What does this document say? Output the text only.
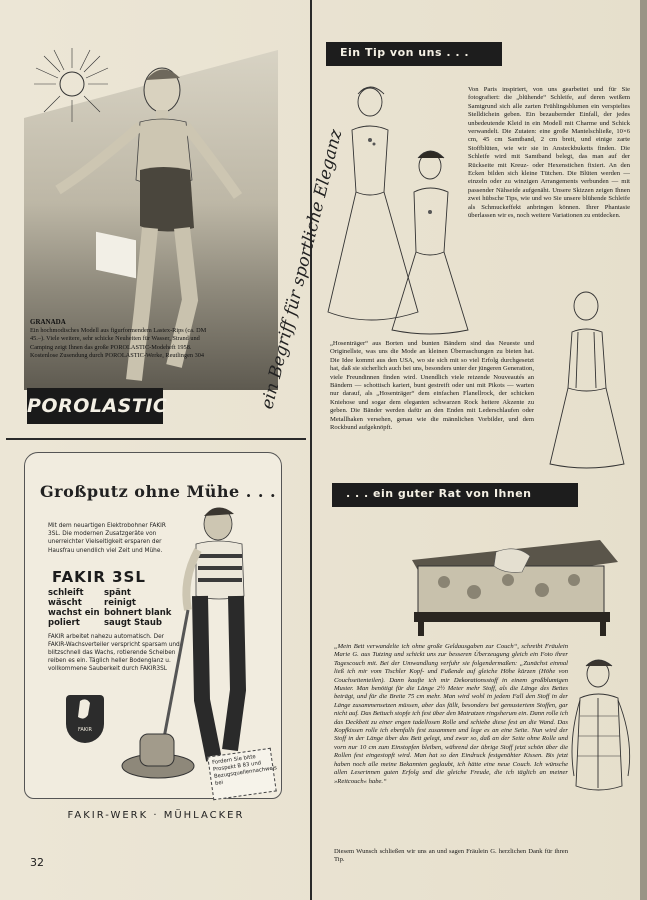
GRANADA
Ein hochmodisches Modell aus figurformendem Lastex-Rips (ca. DM 45.–). Viele weitere, sehr schicke Neuheiten für Wasser, Strand und Camping zeigt Ihnen das große POROLASTIC-Modeheft 1958. Kostenlose Zusendung durch POROLASTIC-Werke, Reutlingen 304
POROLASTIC	ein Begriff für sportliche Eleganz
Großputz ohne Mühe . . .
Mit dem neuartigen Elektrobohner FAKIR 3SL. Die modernen Zusatzgeräte von unerreichter Vielseitigkeit ersparen der Hausfrau unendlich viel Zeit und Mühe.
FAKIR 3SL
schleift
wäscht
wachst ein
poliert
spänt
reinigt
bohnert blank
saugt Staub
FAKIR arbeitet nahezu automatisch. Der FAKIR-Wachsverteiler verspricht sparsam und blitzschnell das Wachs, rotierende Scheiben reiben es ein. Täglich heller Bodenglanz u. vollkommene Sauberkeit durch FAKIR3SL
FAKIR
Fordern Sie bitte Prospekt B 83 und Bezugsquellennachweis bei
FAKIR-WERK · MÜHLACKER
32
Ein Tip von uns . . .
Von Paris inspiriert, von uns gearbeitet und für Sie fotografiert: die „blühende“ Schleife, auf deren weißem Samtgrund sich alle zarten Frühlingsblumen ein verspieltes Stelldichein geben. Ein bezaubernder Einfall, der jedes unbedeutende Kleid in ein Modell mit Charme und Schick verwandelt. Die Zutaten: eine große Mantelschließe, 10×6 cm, 45 cm Samtband, 2 cm breit, und einige zarte Stoffblüten, wie wir sie in Ansteckbuketts finden. Die Schleife wird mit Samtband belegt, das man auf der Rückseite mit Kreuz- oder Hexenstichen fixiert. An den Ecken bilden sich kleine Tütchen. Die Blüten werden — einzeln oder zu winzigen Arrangements verbunden — mit passender Nähseide aufgenäht. Unsere Skizzen zeigen Ihnen zwei hübsche Tips, wie und wo Sie unsere blühende Schleife als Schmuckeffekt anbringen können. Ihrer Phantasie überlassen wir es, noch weitere Variationen zu entdecken.
„Hosenträger“ aus Borten und bunten Bändern sind das Neueste und Originellste, was uns die Mode an kleinen Überraschungen zu bieten hat. Die Idee kommt aus den USA, wo sie sich mit so viel Erfolg durchgesetzt hat, daß sie sicherlich auch bei uns, besonders unter der jüngeren Generation, viele Freundinnen finden wird. Unendlich viele reizende Nouveautés an Bändern — schottisch kariert, bunt gestreift oder uni mit Pikots — warten nur darauf, als „Hosenträger“ dem einfachen Flanellrock, der schicken Kniehose und sogar dem eleganten schwarzen Rock heitere Akzente zu geben. Die Bänder werden dafür an den Enden mit Lederschlaufen oder Metallhaken versehen, genau wie die männlichen Vorbilder, und dem Rockbund aufgeknöpft.
. . . ein guter Rat von Ihnen
„Mein Bett verwandelte ich ohne große Geldausgaben zur Couch“, schreibt Fräulein Marie G. aus Tutzing und schickt uns zur besseren Überzeugung gleich ein Foto ihrer Tagescouch mit. Bei der Umwandlung verfuhr sie folgendermaßen: „Zunächst einmal ließ ich mir vom Tischler Kopf- und Fußende auf gleiche Höhe kürzen (Höhe von Couchseitenteilen). Dann kaufte ich mir Dekorationsstoff in einem großblumigen Muster. Man benötigt für die Länge 2½ Meter mehr Stoff, als die Länge des Bettes beträgt, und für die Breite 75 cm mehr. Man wird wohl in jedem Fall den Stoff in der Länge zusammensetzen müssen, aber das fällt, besonders bei gemustertem Stoffen, gar nicht auf. Das Bettuch stopfe ich fest über den Matratzen ringsherum ein. Dann rolle ich das Deckbett zu einer engen tadellosen Rolle und schiebe diese fest an die Wand. Das Kopfkissen rolle ich ebenfalls fest zusammen und lege es an eine Seite. Nun wird der Stoff in der Länge über das Bett gelegt, und zwar so, daß an der Seite ohne Rolle und vorn nur 10 cm zum Einstopfen bleiben, während der übrige Stoff jetzt schön über die Rollen fest eingestopft wird. Man hat so den Eindruck festgenähter Kissen. Bis jetzt haben noch alle meine Bekannten geglaubt, ich hätte eine neue Couch. Ich wünsche allen Leserinnen guten Erfolg und die gleiche Freude, die ich täglich an meiner »Reitcouch« habe.“
Diesem Wunsch schließen wir uns an und sagen Fräulein G. herzlichen Dank für ihren Tip.
